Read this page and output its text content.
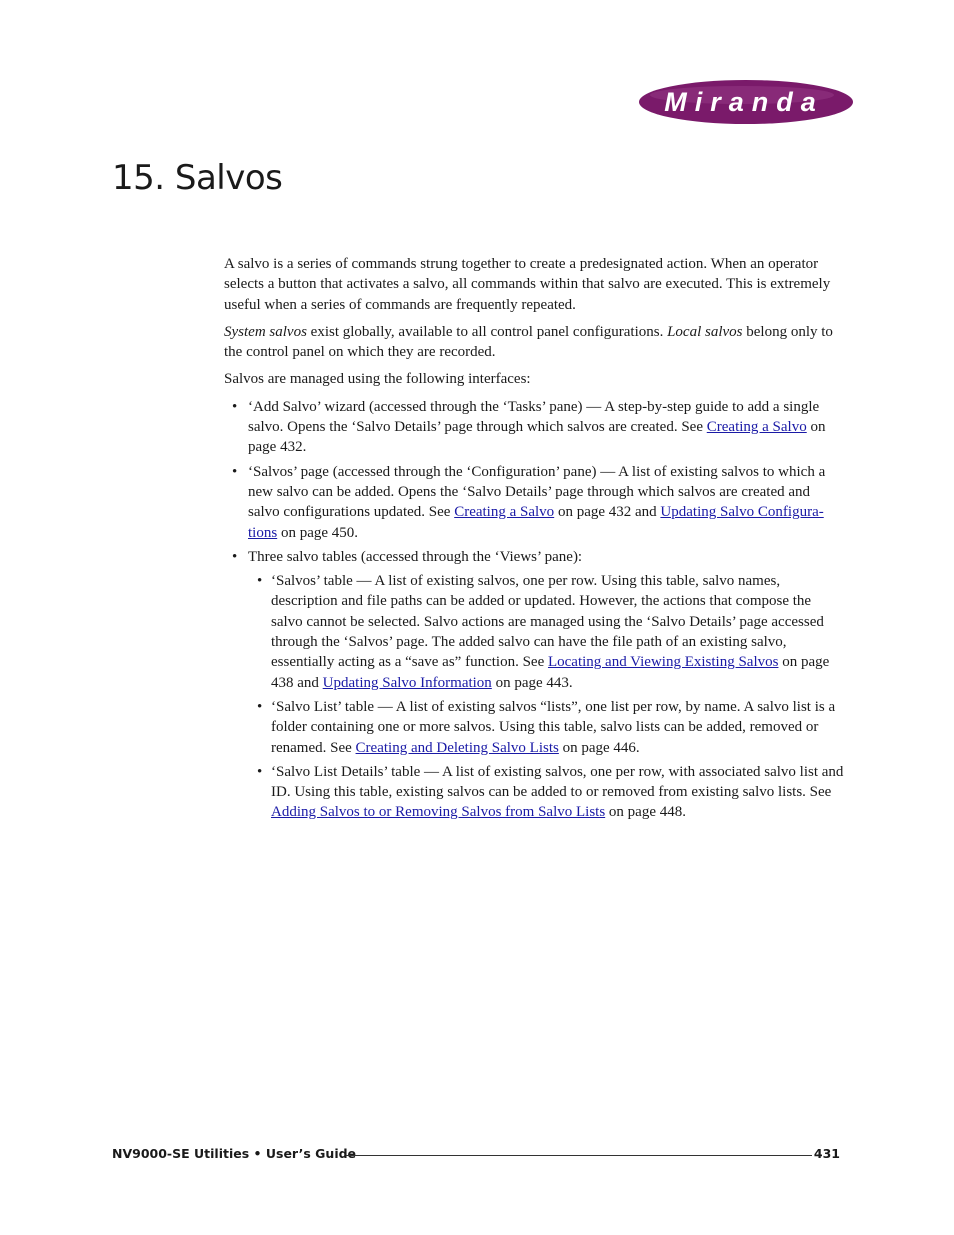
Miranda
15. Salvos

A salvo is a series of commands strung together to create a predesignated action. When an operator selects a button that activates a salvo, all commands within that salvo are executed. This is extremely useful when a series of commands are frequently repeated.

System salvos exist globally, available to all control panel configurations. Local salvos belong only to the control panel on which they are recorded.

Salvos are managed using the following interfaces:

• ‘Add Salvo’ wizard (accessed through the ‘Tasks’ pane) — A step-by-step guide to add a single salvo. Opens the ‘Salvo Details’ page through which salvos are created. See Creating a Salvo on page 432.
• ‘Salvos’ page (accessed through the ‘Configuration’ pane) — A list of existing salvos to which a new salvo can be added. Opens the ‘Salvo Details’ page through which salvos are created and salvo configurations updated. See Creating a Salvo on page 432 and Updating Salvo Configura-tions on page 450.
• Three salvo tables (accessed through the ‘Views’ pane):
• ‘Salvos’ table — A list of existing salvos, one per row. Using this table, salvo names, description and file paths can be added or updated. However, the actions that compose the salvo cannot be selected. Salvo actions are managed using the ‘Salvo Details’ page accessed through the ‘Salvos’ page. The added salvo can have the file path of an existing salvo, essentially acting as a “save as” function. See Locating and Viewing Existing Salvos on page 438 and Updating Salvo Information on page 443.
• ‘Salvo List’ table — A list of existing salvos “lists”, one list per row, by name. A salvo list is a folder containing one or more salvos. Using this table, salvo lists can be added, removed or renamed. See Creating and Deleting Salvo Lists on page 446.
• ‘Salvo List Details’ table — A list of existing salvos, one per row, with associated salvo list and ID. Using this table, existing salvos can be added to or removed from existing salvo lists. See Adding Salvos to or Removing Salvos from Salvo Lists on page 448.
NV9000-SE Utilities • User’s Guide	431
